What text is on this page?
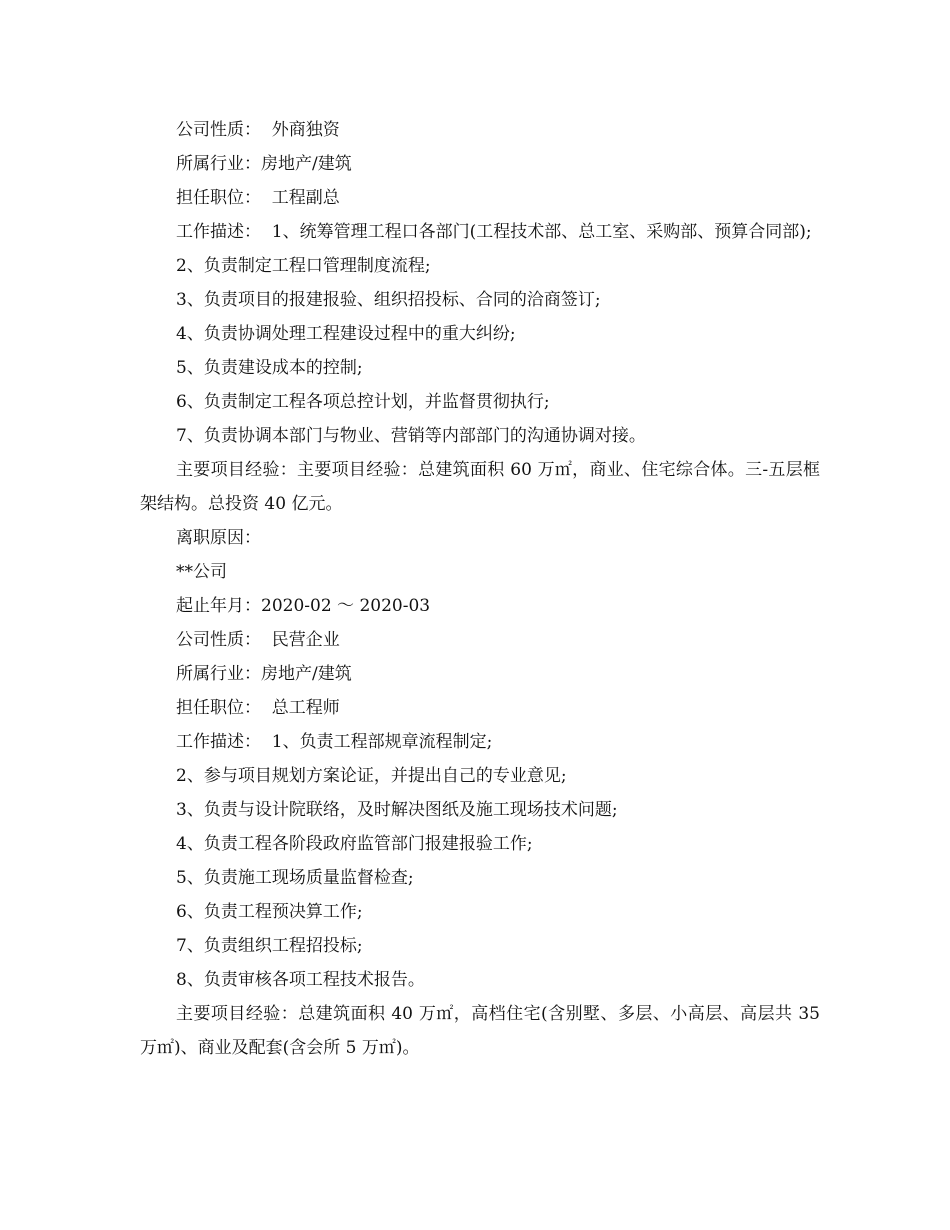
公司性质：  外商独资

所属行业：房地产/建筑

担任职位：  工程副总

工作描述：  1、统筹管理工程口各部门(工程技术部、总工室、采购部、预算合同部);

2、负责制定工程口管理制度流程;

3、负责项目的报建报验、组织招投标、合同的洽商签订;

4、负责协调处理工程建设过程中的重大纠纷;

5、负责建设成本的控制;

6、负责制定工程各项总控计划，并监督贯彻执行;

7、负责协调本部门与物业、营销等内部部门的沟通协调对接。

主要项目经验：主要项目经验：总建筑面积 60 万㎡，商业、住宅综合体。三-五层框架结构。总投资 40 亿元。

离职原因：

**公司

起止年月：2020-02 ～ 2020-03

公司性质：  民营企业

所属行业：房地产/建筑

担任职位：  总工程师

工作描述：  1、负责工程部规章流程制定;

2、参与项目规划方案论证，并提出自己的专业意见;

3、负责与设计院联络，及时解决图纸及施工现场技术问题;

4、负责工程各阶段政府监管部门报建报验工作;

5、负责施工现场质量监督检查;

6、负责工程预决算工作;

7、负责组织工程招投标;

8、负责审核各项工程技术报告。

主要项目经验：总建筑面积 40 万㎡，高档住宅(含别墅、多层、小高层、高层共 35 万㎡)、商业及配套(含会所 5 万㎡)。
